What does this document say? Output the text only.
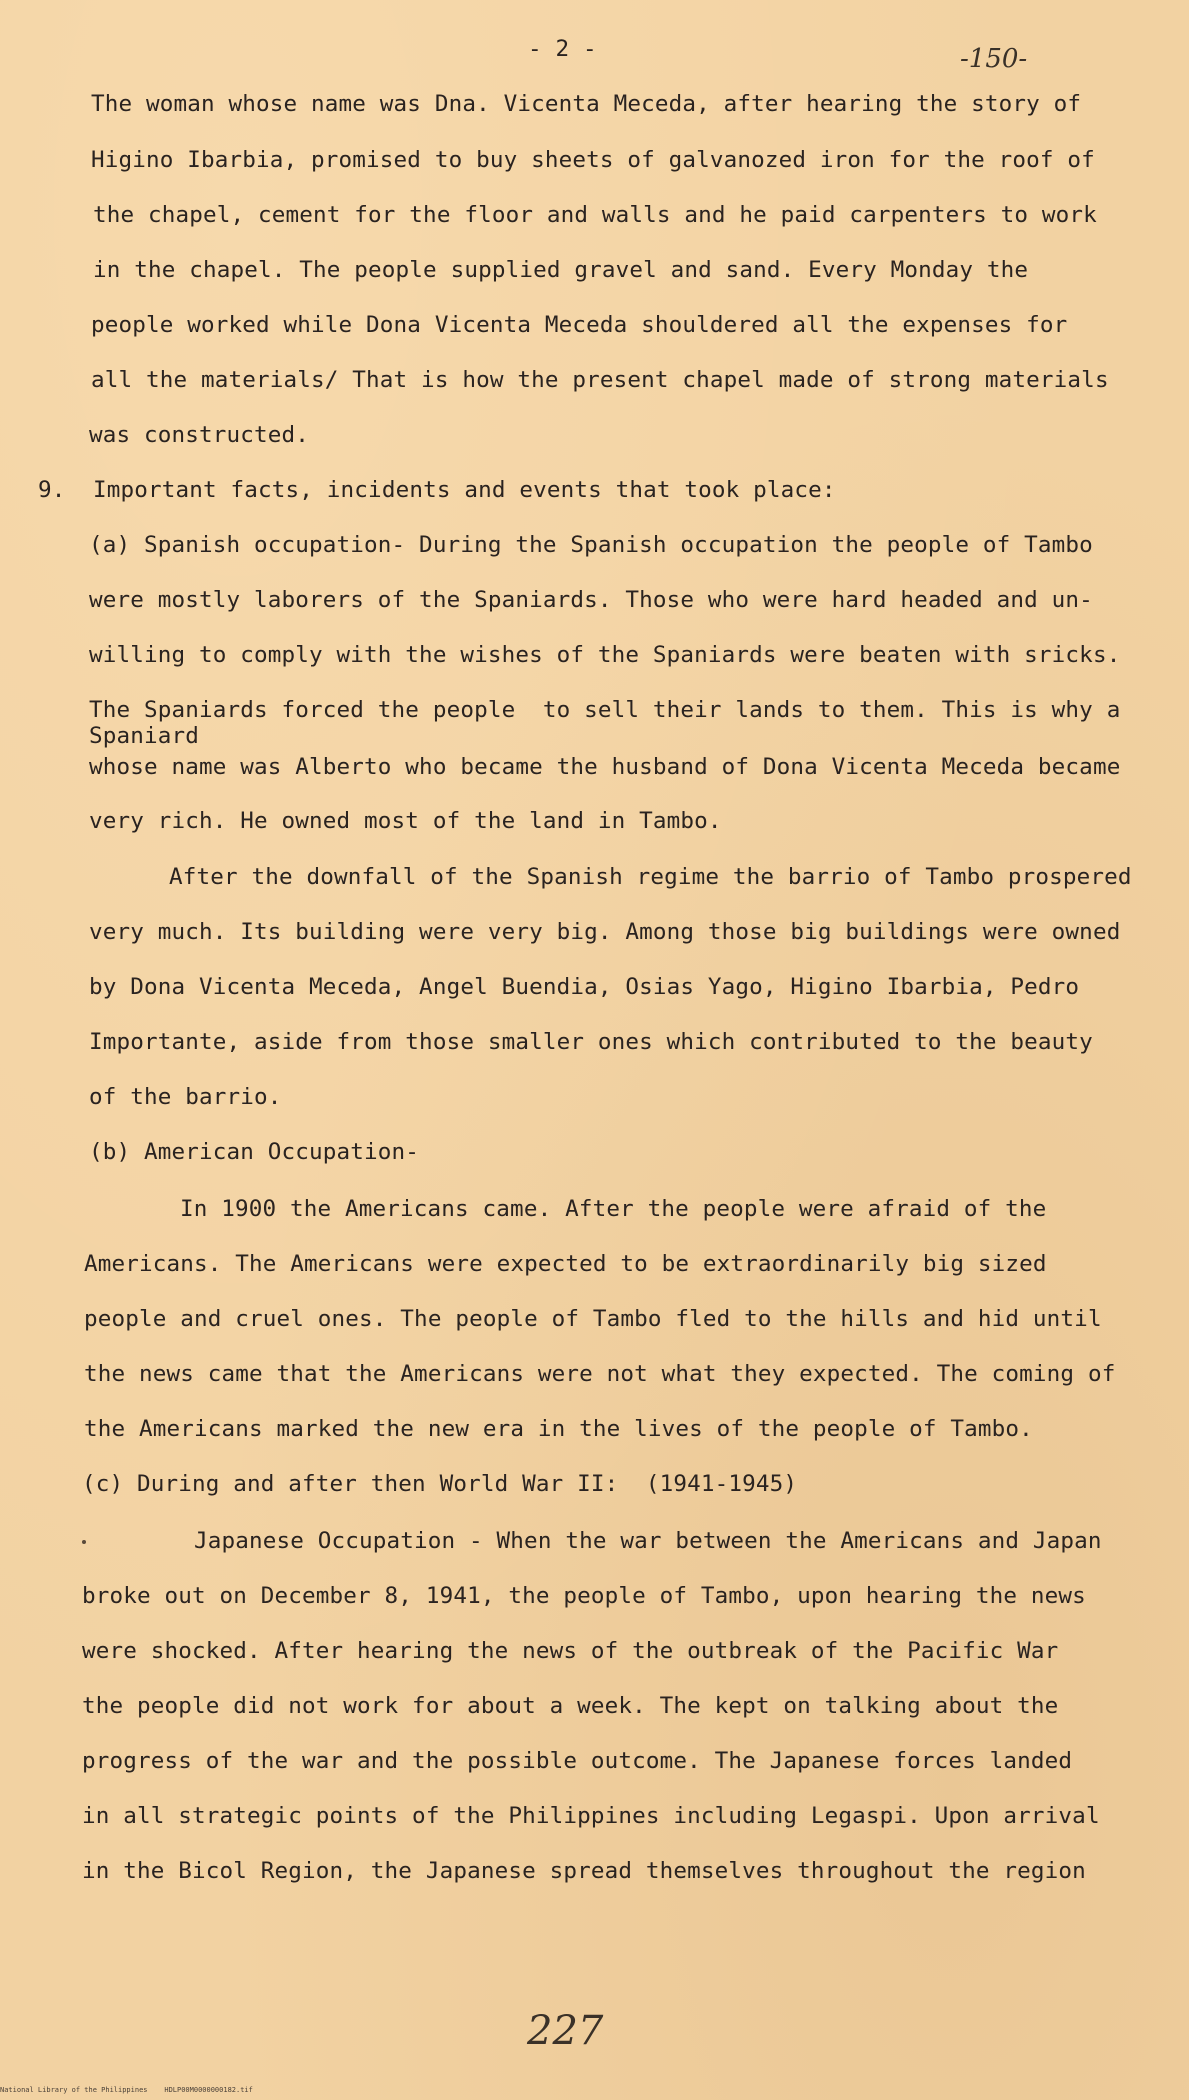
- 2 -	-150-
The woman whose name was Dna. Vicenta Meceda, after hearing the story of
Higino Ibarbia, promised to buy sheets of galvanozed iron for the roof of
the chapel, cement for the floor and walls and he paid carpenters to work
in the chapel. The people supplied gravel and sand. Every Monday the
people worked while Dona Vicenta Meceda shouldered all the expenses for
all the materials/ That is how the present chapel made of strong materials
was constructed.
9.  Important facts, incidents and events that took place:
(a) Spanish occupation- During the Spanish occupation the people of Tambo
were mostly laborers of the Spaniards. Those who were hard headed and un-
willing to comply with the wishes of the Spaniards were beaten with sricks.
The Spaniards forced the people  to sell their lands to them. This is why a
Spaniard
whose name was Alberto who became the husband of Dona Vicenta Meceda became
very rich. He owned most of the land in Tambo.
After the downfall of the Spanish regime the barrio of Tambo prospered
very much. Its building were very big. Among those big buildings were owned
by Dona Vicenta Meceda, Angel Buendia, Osias Yago, Higino Ibarbia, Pedro
Importante, aside from those smaller ones which contributed to the beauty
of the barrio.
(b) American Occupation-
In 1900 the Americans came. After the people were afraid of the
Americans. The Americans were expected to be extraordinarily big sized
people and cruel ones. The people of Tambo fled to the hills and hid until
the news came that the Americans were not what they expected. The coming of
the Americans marked the new era in the lives of the people of Tambo.
(c) During and after then World War II:  (1941-1945)
Japanese Occupation - When the war between the Americans and Japan
broke out on December 8, 1941, the people of Tambo, upon hearing the news
were shocked. After hearing the news of the outbreak of the Pacific War
the people did not work for about a week. The kept on talking about the
progress of the war and the possible outcome. The Japanese forces landed
in all strategic points of the Philippines including Legaspi. Upon arrival
in the Bicol Region, the Japanese spread themselves throughout the region
227
National Library of the Philippines    HDLP00M0000000182.tif
